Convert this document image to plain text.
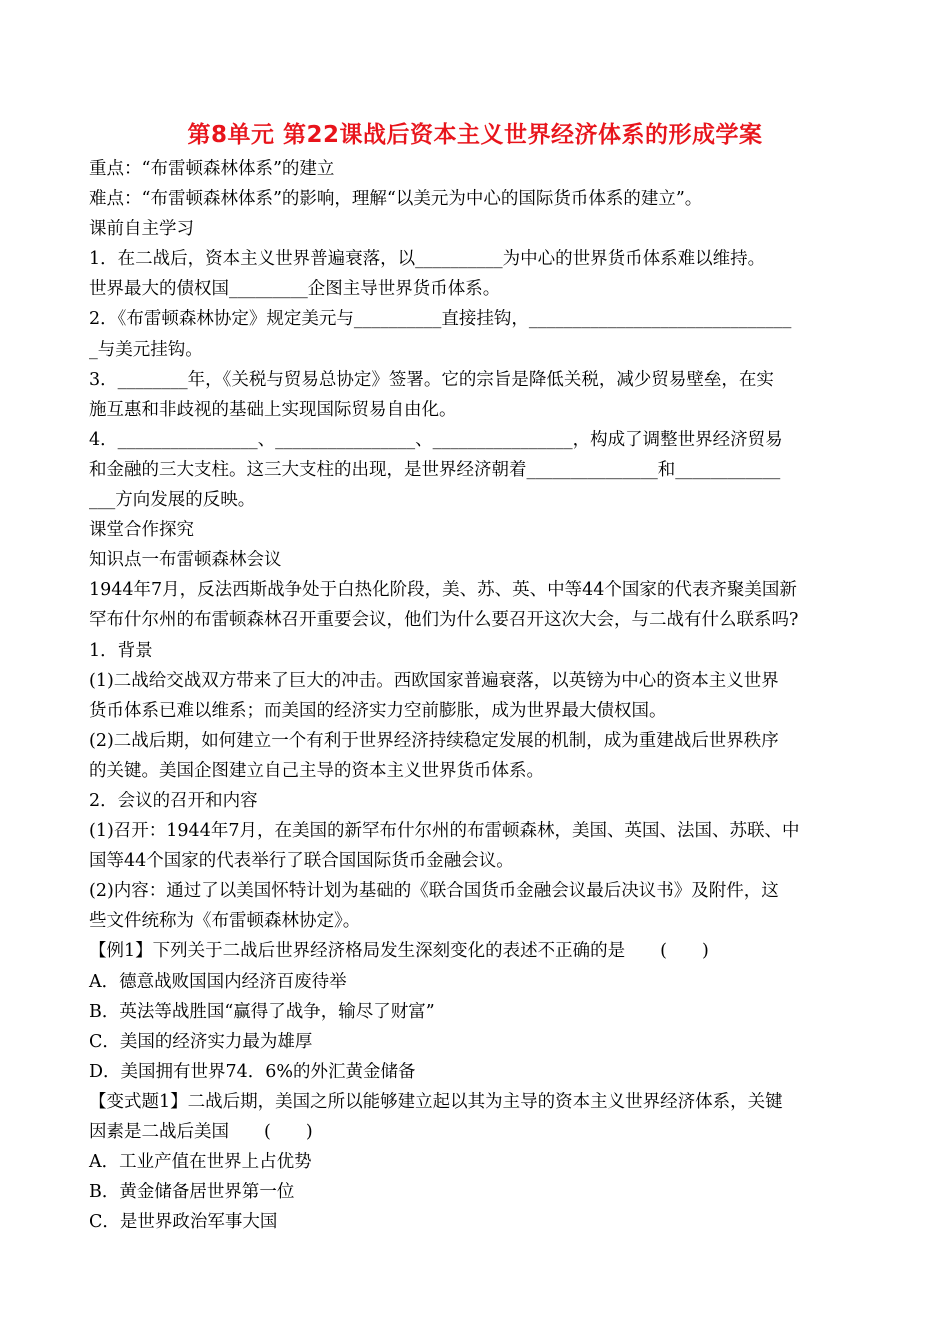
第8单元 第22课战后资本主义世界经济体系的形成学案
重点：“布雷顿森林体系”的建立
难点：“布雷顿森林体系”的影响，理解“以美元为中心的国际货币体系的建立”。
课前自主学习
1．在二战后，资本主义世界普遍衰落，以__________为中心的世界货币体系难以维持。
世界最大的债权国_________企图主导世界货币体系。
2．《布雷顿森林协定》规定美元与__________直接挂钩，______________________________
_与美元挂钩。
3．________年，《关税与贸易总协定》签署。它的宗旨是降低关税，减少贸易壁垒，在实
施互惠和非歧视的基础上实现国际贸易自由化。
4．________________、________________、________________，构成了调整世界经济贸易
和金融的三大支柱。这三大支柱的出现，是世界经济朝着_______________和____________
___方向发展的反映。
课堂合作探究
知识点一布雷顿森林会议
1944年7月，反法西斯战争处于白热化阶段，美、苏、英、中等44个国家的代表齐聚美国新
罕布什尔州的布雷顿森林召开重要会议，他们为什么要召开这次大会，与二战有什么联系吗?
1．背景
(1)二战给交战双方带来了巨大的冲击。西欧国家普遍衰落，以英镑为中心的资本主义世界
货币体系已难以维系；而美国的经济实力空前膨胀，成为世界最大债权国。
(2)二战后期，如何建立一个有利于世界经济持续稳定发展的机制，成为重建战后世界秩序
的关键。美国企图建立自己主导的资本主义世界货币体系。
2．会议的召开和内容
(1)召开：1944年7月，在美国的新罕布什尔州的布雷顿森林，美国、英国、法国、苏联、中
国等44个国家的代表举行了联合国国际货币金融会议。
(2)内容：通过了以美国怀特计划为基础的《联合国货币金融会议最后决议书》及附件，这
些文件统称为《布雷顿森林协定》。
【例1】下列关于二战后世界经济格局发生深刻变化的表述不正确的是　　(　　)
A．德意战败国国内经济百废待举
B．英法等战胜国“赢得了战争，输尽了财富”
C．美国的经济实力最为雄厚
D．美国拥有世界74．6%的外汇黄金储备
【变式题1】二战后期，美国之所以能够建立起以其为主导的资本主义世界经济体系，关键
因素是二战后美国　　(　　)
A．工业产值在世界上占优势
B．黄金储备居世界第一位
C．是世界政治军事大国
